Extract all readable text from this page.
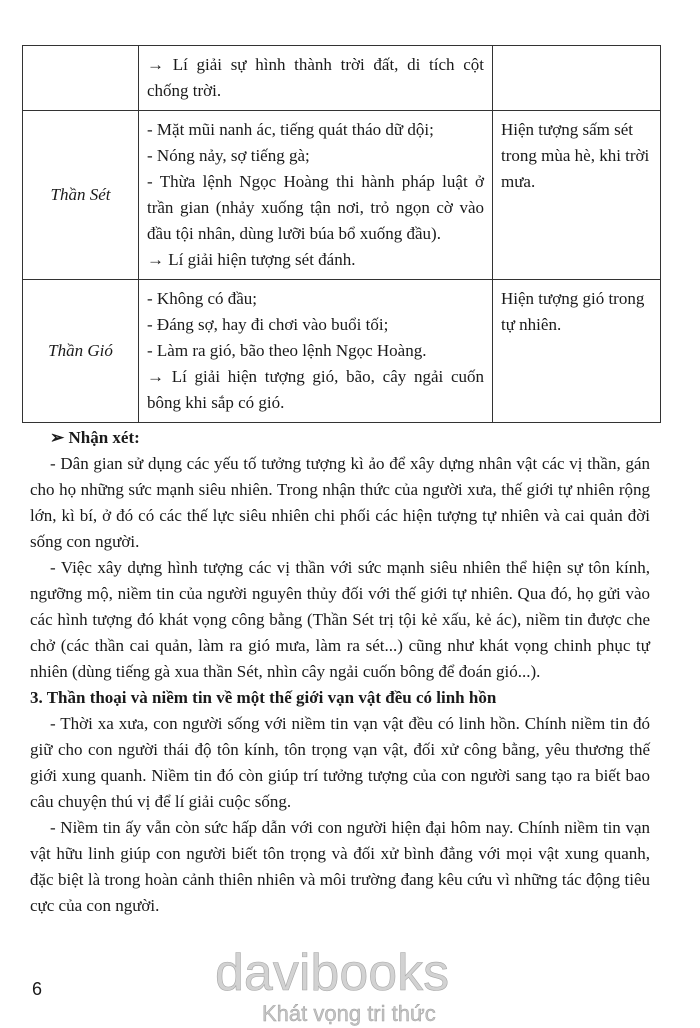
	→ Lí giải sự hình thành trời đất, di tích cột chống trời.	

Thần Sét	- Mặt mũi nanh ác, tiếng quát tháo dữ dội;
- Nóng nảy, sợ tiếng gà;
- Thừa lệnh Ngọc Hoàng thi hành pháp luật ở trần gian (nhảy xuống tận nơi, trỏ ngọn cờ vào đầu tội nhân, dùng lưỡi búa bổ xuống đầu).
→ Lí giải hiện tượng sét đánh.	Hiện tượng sấm sét trong mùa hè, khi trời mưa.
Thần Gió	- Không có đầu;
- Đáng sợ, hay đi chơi vào buổi tối;
- Làm ra gió, bão theo lệnh Ngọc Hoàng.
→ Lí giải hiện tượng gió, bão, cây ngải cuốn bông khi sắp có gió.	Hiện tượng gió trong tự nhiên.
➢ Nhận xét:

- Dân gian sử dụng các yếu tố tưởng tượng kì ảo để xây dựng nhân vật các vị thần, gán cho họ những sức mạnh siêu nhiên. Trong nhận thức của người xưa, thế giới tự nhiên rộng lớn, kì bí, ở đó có các thế lực siêu nhiên chi phối các hiện tượng tự nhiên và cai quản đời sống con người.

- Việc xây dựng hình tượng các vị thần với sức mạnh siêu nhiên thể hiện sự tôn kính, ngưỡng mộ, niềm tin của người nguyên thủy đối với thế giới tự nhiên. Qua đó, họ gửi vào các hình tượng đó khát vọng công bằng (Thần Sét trị tội kẻ xấu, kẻ ác), niềm tin được che chở (các thần cai quản, làm ra gió mưa, làm ra sét...) cũng như khát vọng chinh phục tự nhiên (dùng tiếng gà xua thần Sét, nhìn cây ngải cuốn bông để đoán gió...).

3. Thần thoại và niềm tin về một thế giới vạn vật đều có linh hồn

- Thời xa xưa, con người sống với niềm tin vạn vật đều có linh hồn. Chính niềm tin đó giữ cho con người thái độ tôn kính, tôn trọng vạn vật, đối xử công bằng, yêu thương thế giới xung quanh. Niềm tin đó còn giúp trí tưởng tượng của con người sang tạo ra biết bao câu chuyện thú vị để lí giải cuộc sống.

- Niềm tin ấy vẫn còn sức hấp dẫn với con người hiện đại hôm nay. Chính niềm tin vạn vật hữu linh giúp con người biết tôn trọng và đối xử bình đẳng với mọi vật xung quanh, đặc biệt là trong hoàn cảnh thiên nhiên và môi trường đang kêu cứu vì những tác động tiêu cực của con người.

davibooks
Khát vọng tri thức
6
